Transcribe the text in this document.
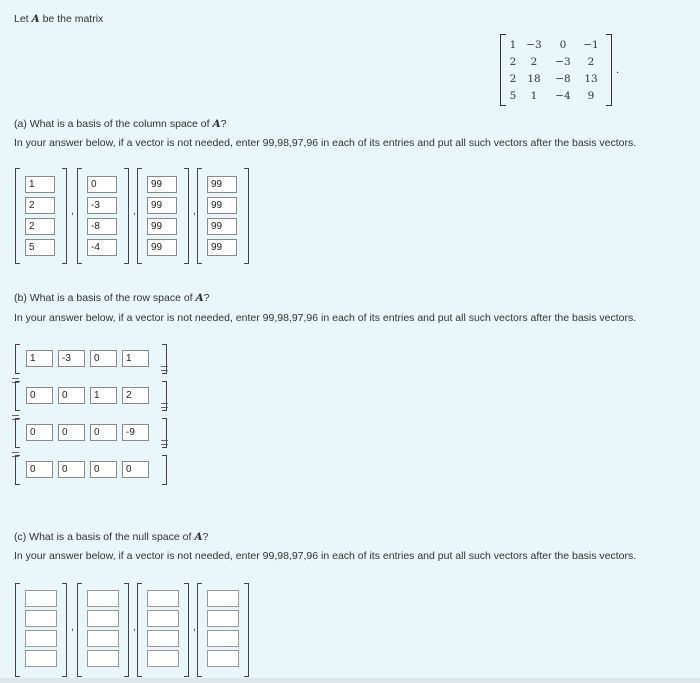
Let A be the matrix
1	−3	0	−1
2	2	−3	2
2	18	−8	13
5	1	−4	9
.
(a) What is a basis of the column space of A?
In your answer below, if a vector is not needed, enter 99,98,97,96 in each of its entries and put all such vectors after the basis vectors.
1
2
2
5
,
0
-3
-8
-4
,
99
99
99
99
,
99
99
99
99
(b) What is a basis of the row space of A?
In your answer below, if a vector is not needed, enter 99,98,97,96 in each of its entries and put all such vectors after the basis vectors.
1	-3	0	1
0	0	1	2
0	0	0	-9
0	0	0	0
(c) What is a basis of the null space of A?
In your answer below, if a vector is not needed, enter 99,98,97,96 in each of its entries and put all such vectors after the basis vectors.
,	,	,
